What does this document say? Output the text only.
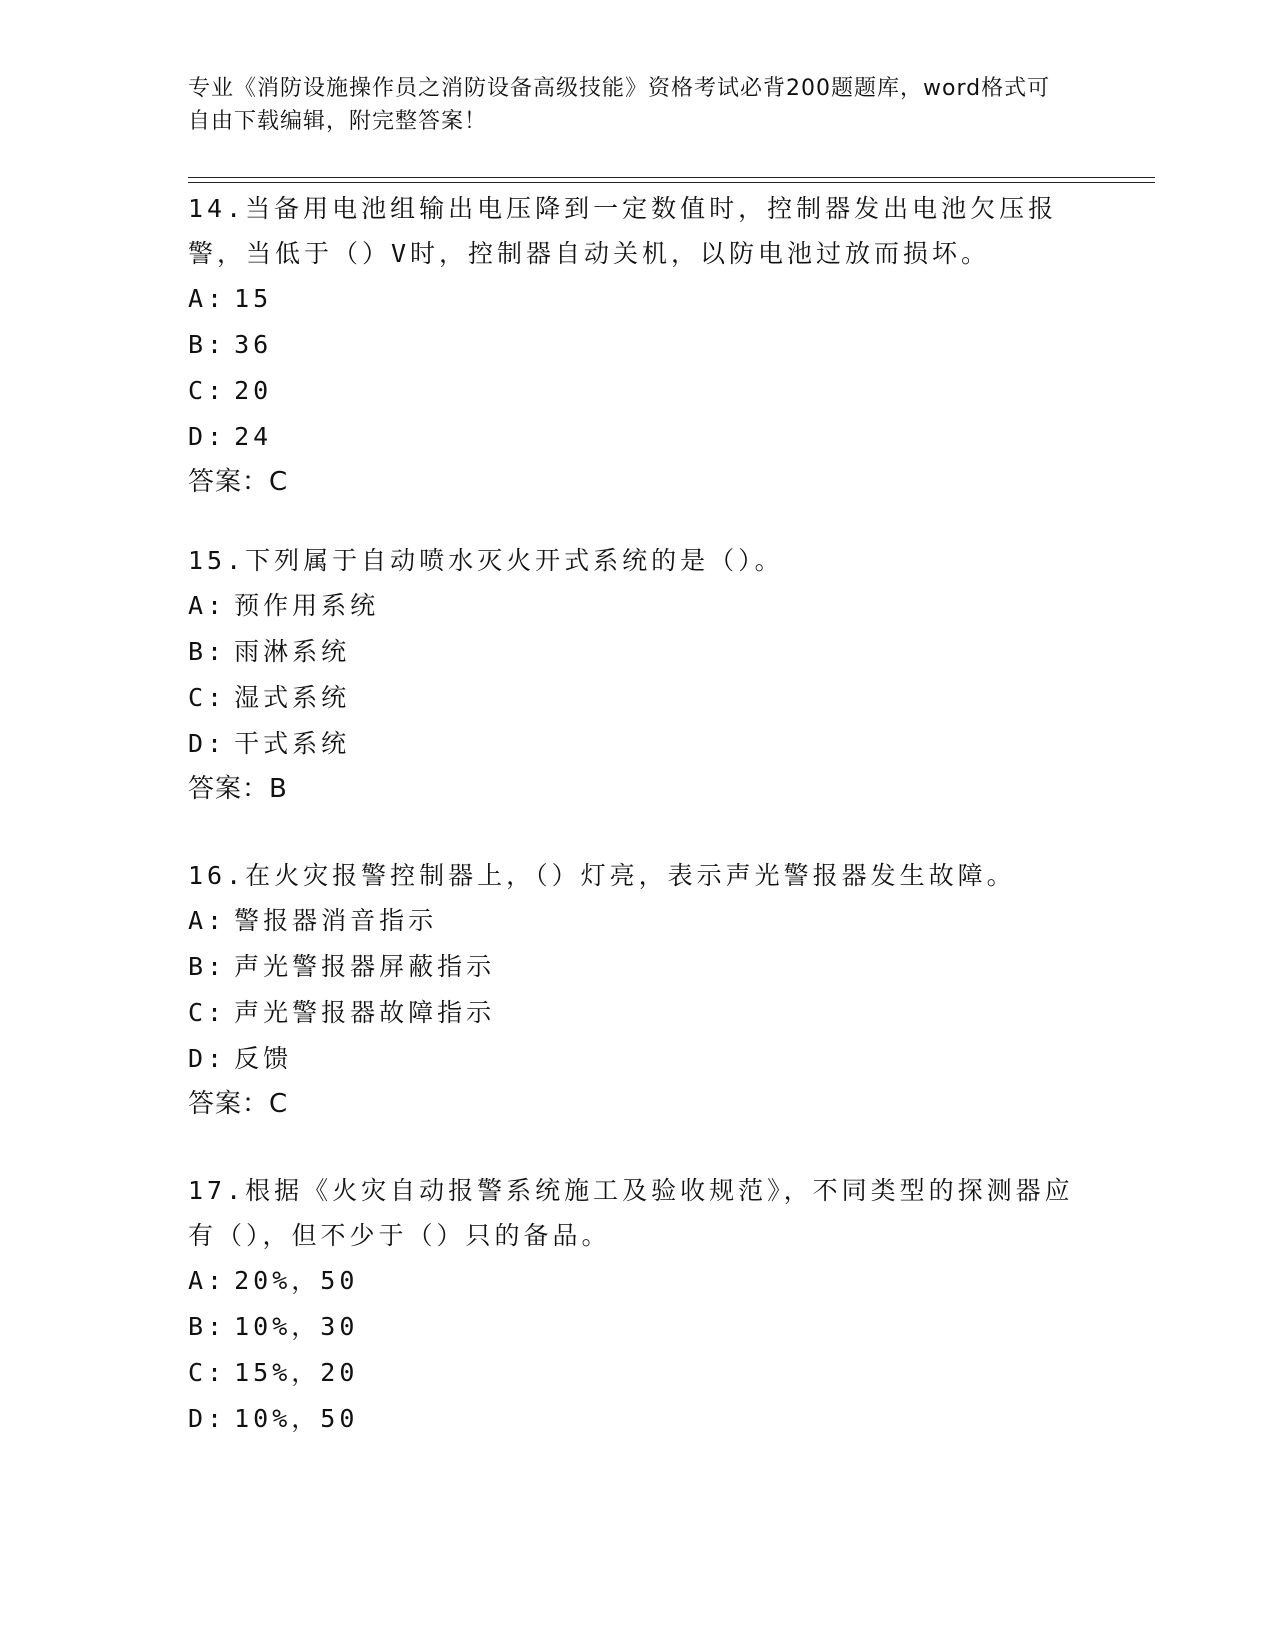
专业《消防设施操作员之消防设备高级技能》资格考试必背200题题库，word格式可自由下载编辑，附完整答案！
14.当备用电池组输出电压降到一定数值时，控制器发出电池欠压报警，当低于（）V时，控制器自动关机，以防电池过放而损坏。
A: 15
B: 36
C: 20
D: 24
答案：C
15.下列属于自动喷水灭火开式系统的是（）。
A: 预作用系统
B: 雨淋系统
C: 湿式系统
D: 干式系统
答案：B
16.在火灾报警控制器上，（）灯亮，表示声光警报器发生故障。
A: 警报器消音指示
B: 声光警报器屏蔽指示
C: 声光警报器故障指示
D: 反馈
答案：C
17.根据《火灾自动报警系统施工及验收规范》，不同类型的探测器应有（），但不少于（）只的备品。
A: 20%，50
B: 10%，30
C: 15%，20
D: 10%，50
